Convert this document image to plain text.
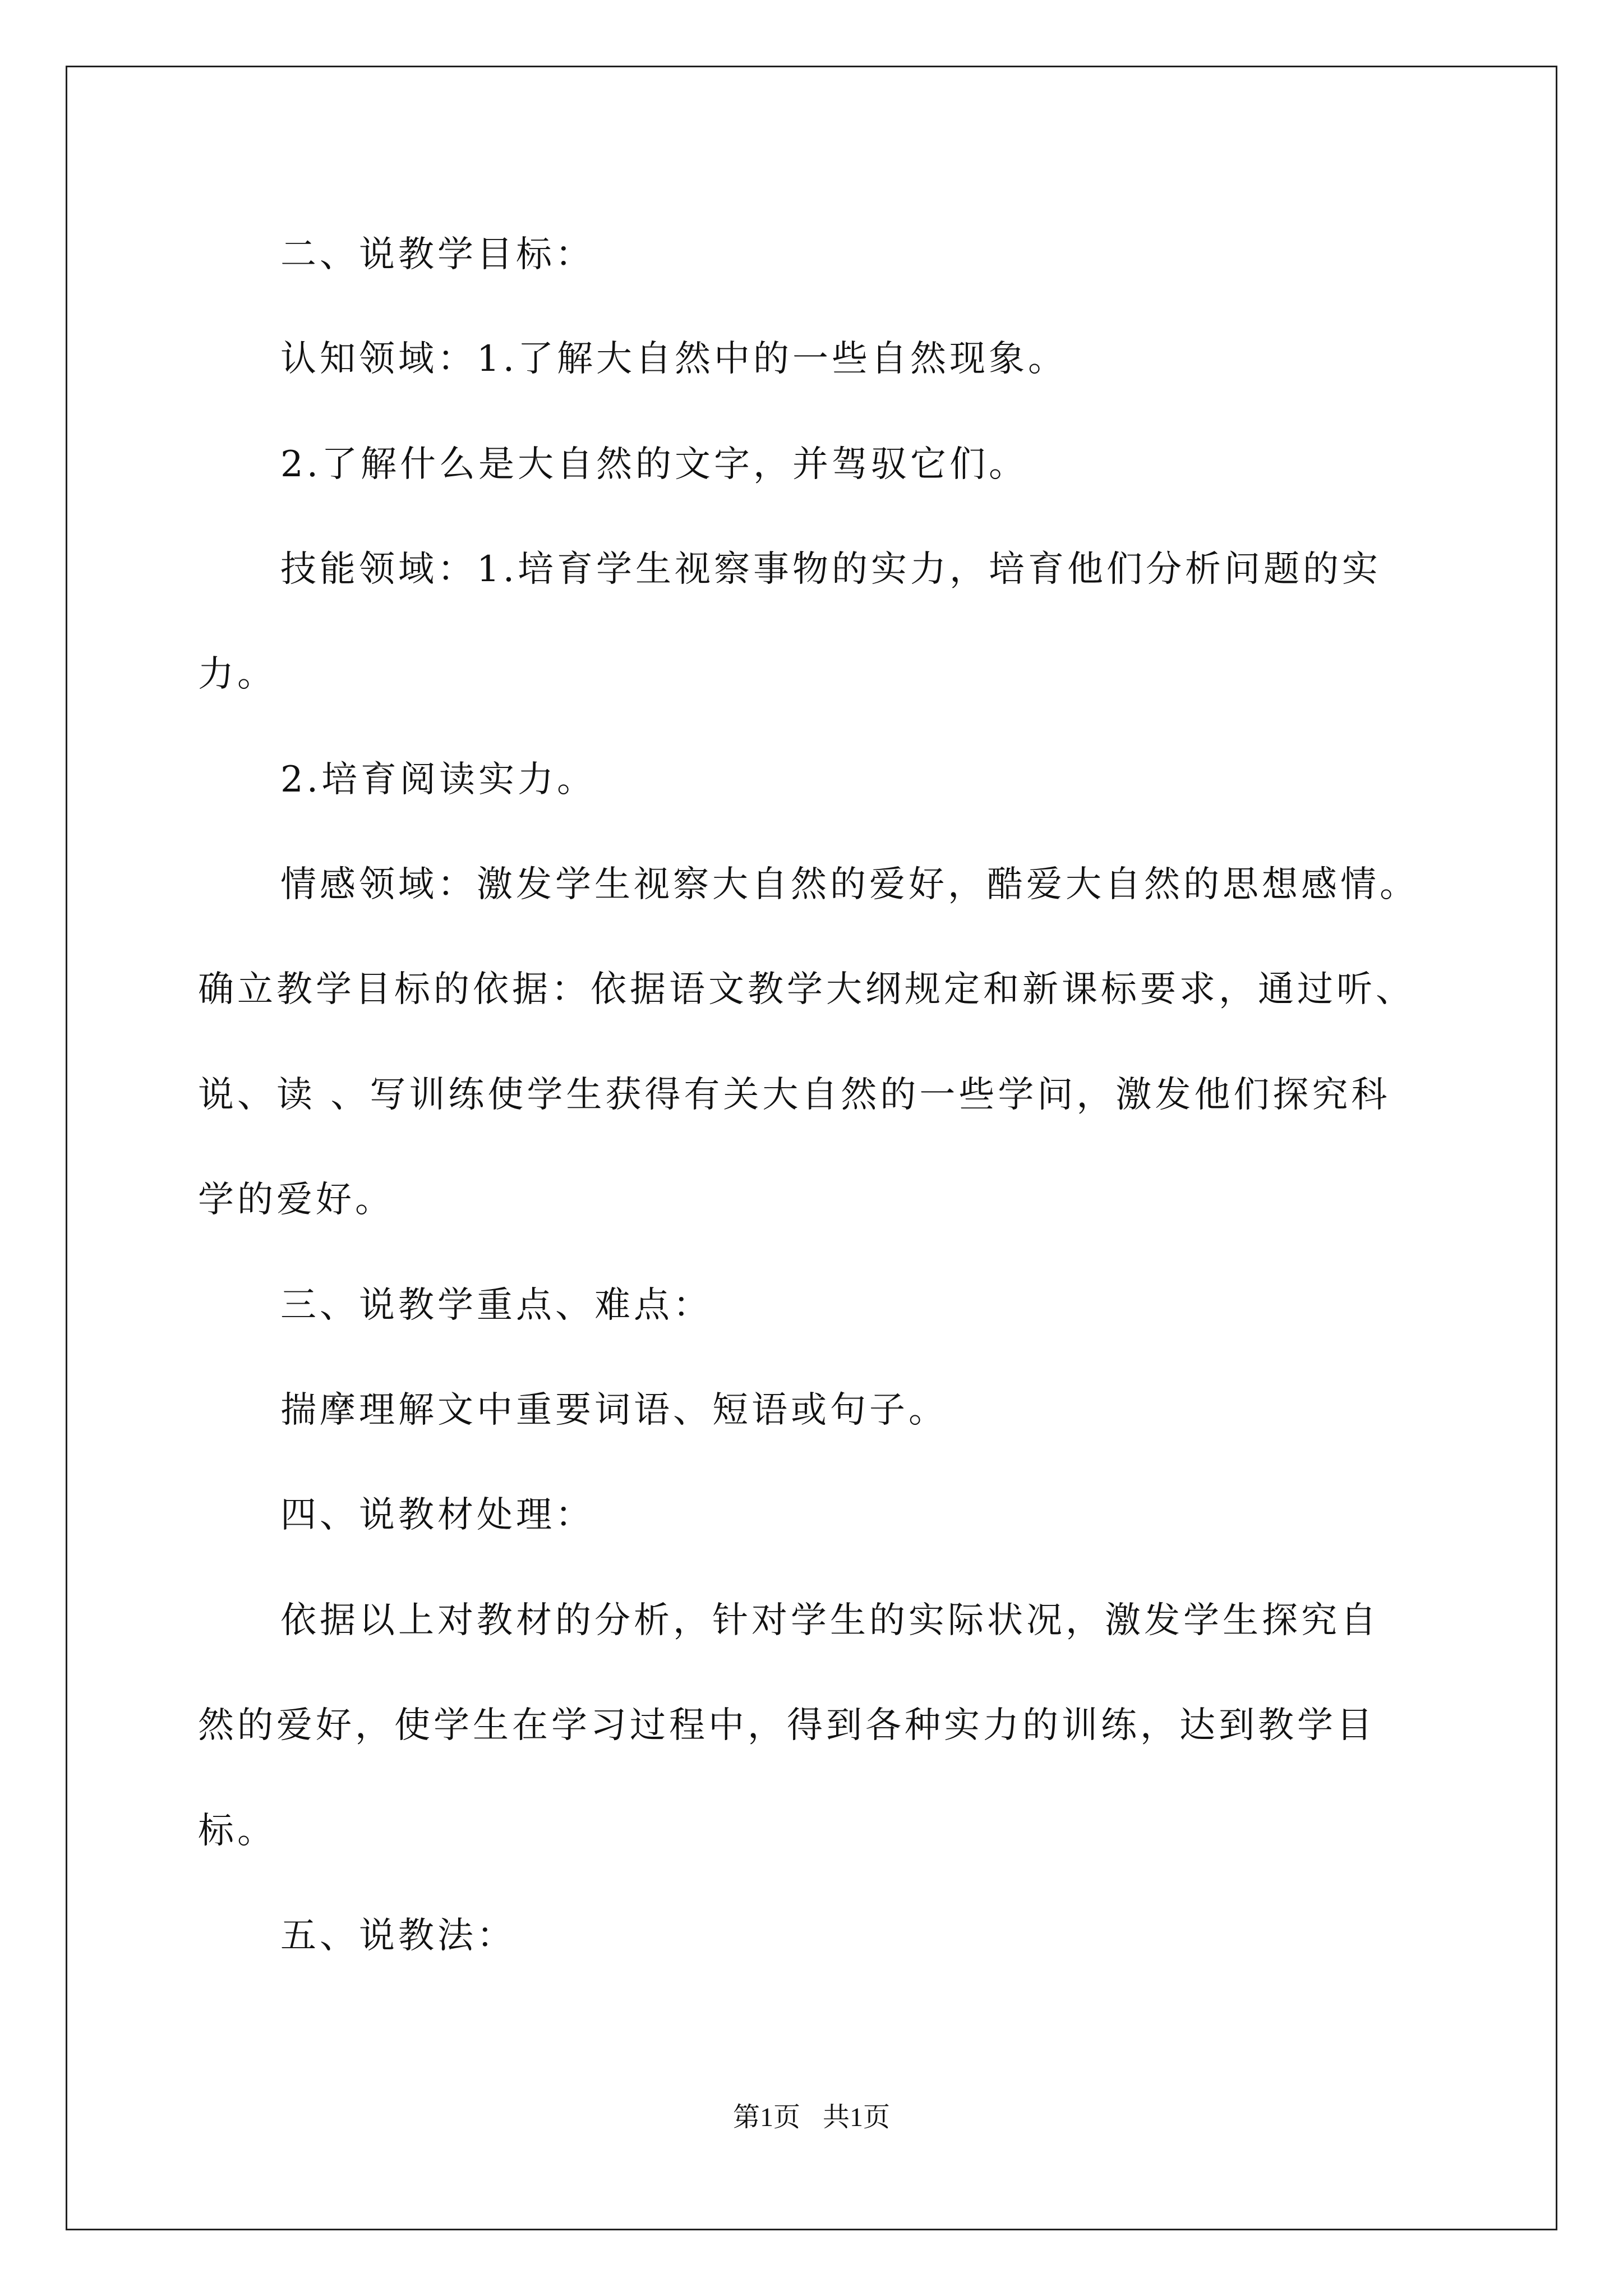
二、说教学目标：
认知领域：1.了解大自然中的一些自然现象。
2.了解什么是大自然的文字，并驾驭它们。
技能领域：1.培育学生视察事物的实力，培育他们分析问题的实
力。
2.培育阅读实力。
情感领域：激发学生视察大自然的爱好，酷爱大自然的思想感情。
确立教学目标的依据：依据语文教学大纲规定和新课标要求，通过听、
说、读 、写训练使学生获得有关大自然的一些学问，激发他们探究科
学的爱好。
三、说教学重点、难点：
揣摩理解文中重要词语、短语或句子。
四、说教材处理：
依据以上对教材的分析，针对学生的实际状况，激发学生探究自
然的爱好，使学生在学习过程中，得到各种实力的训练，达到教学目
标。
五、说教法：
第1页 共1页
